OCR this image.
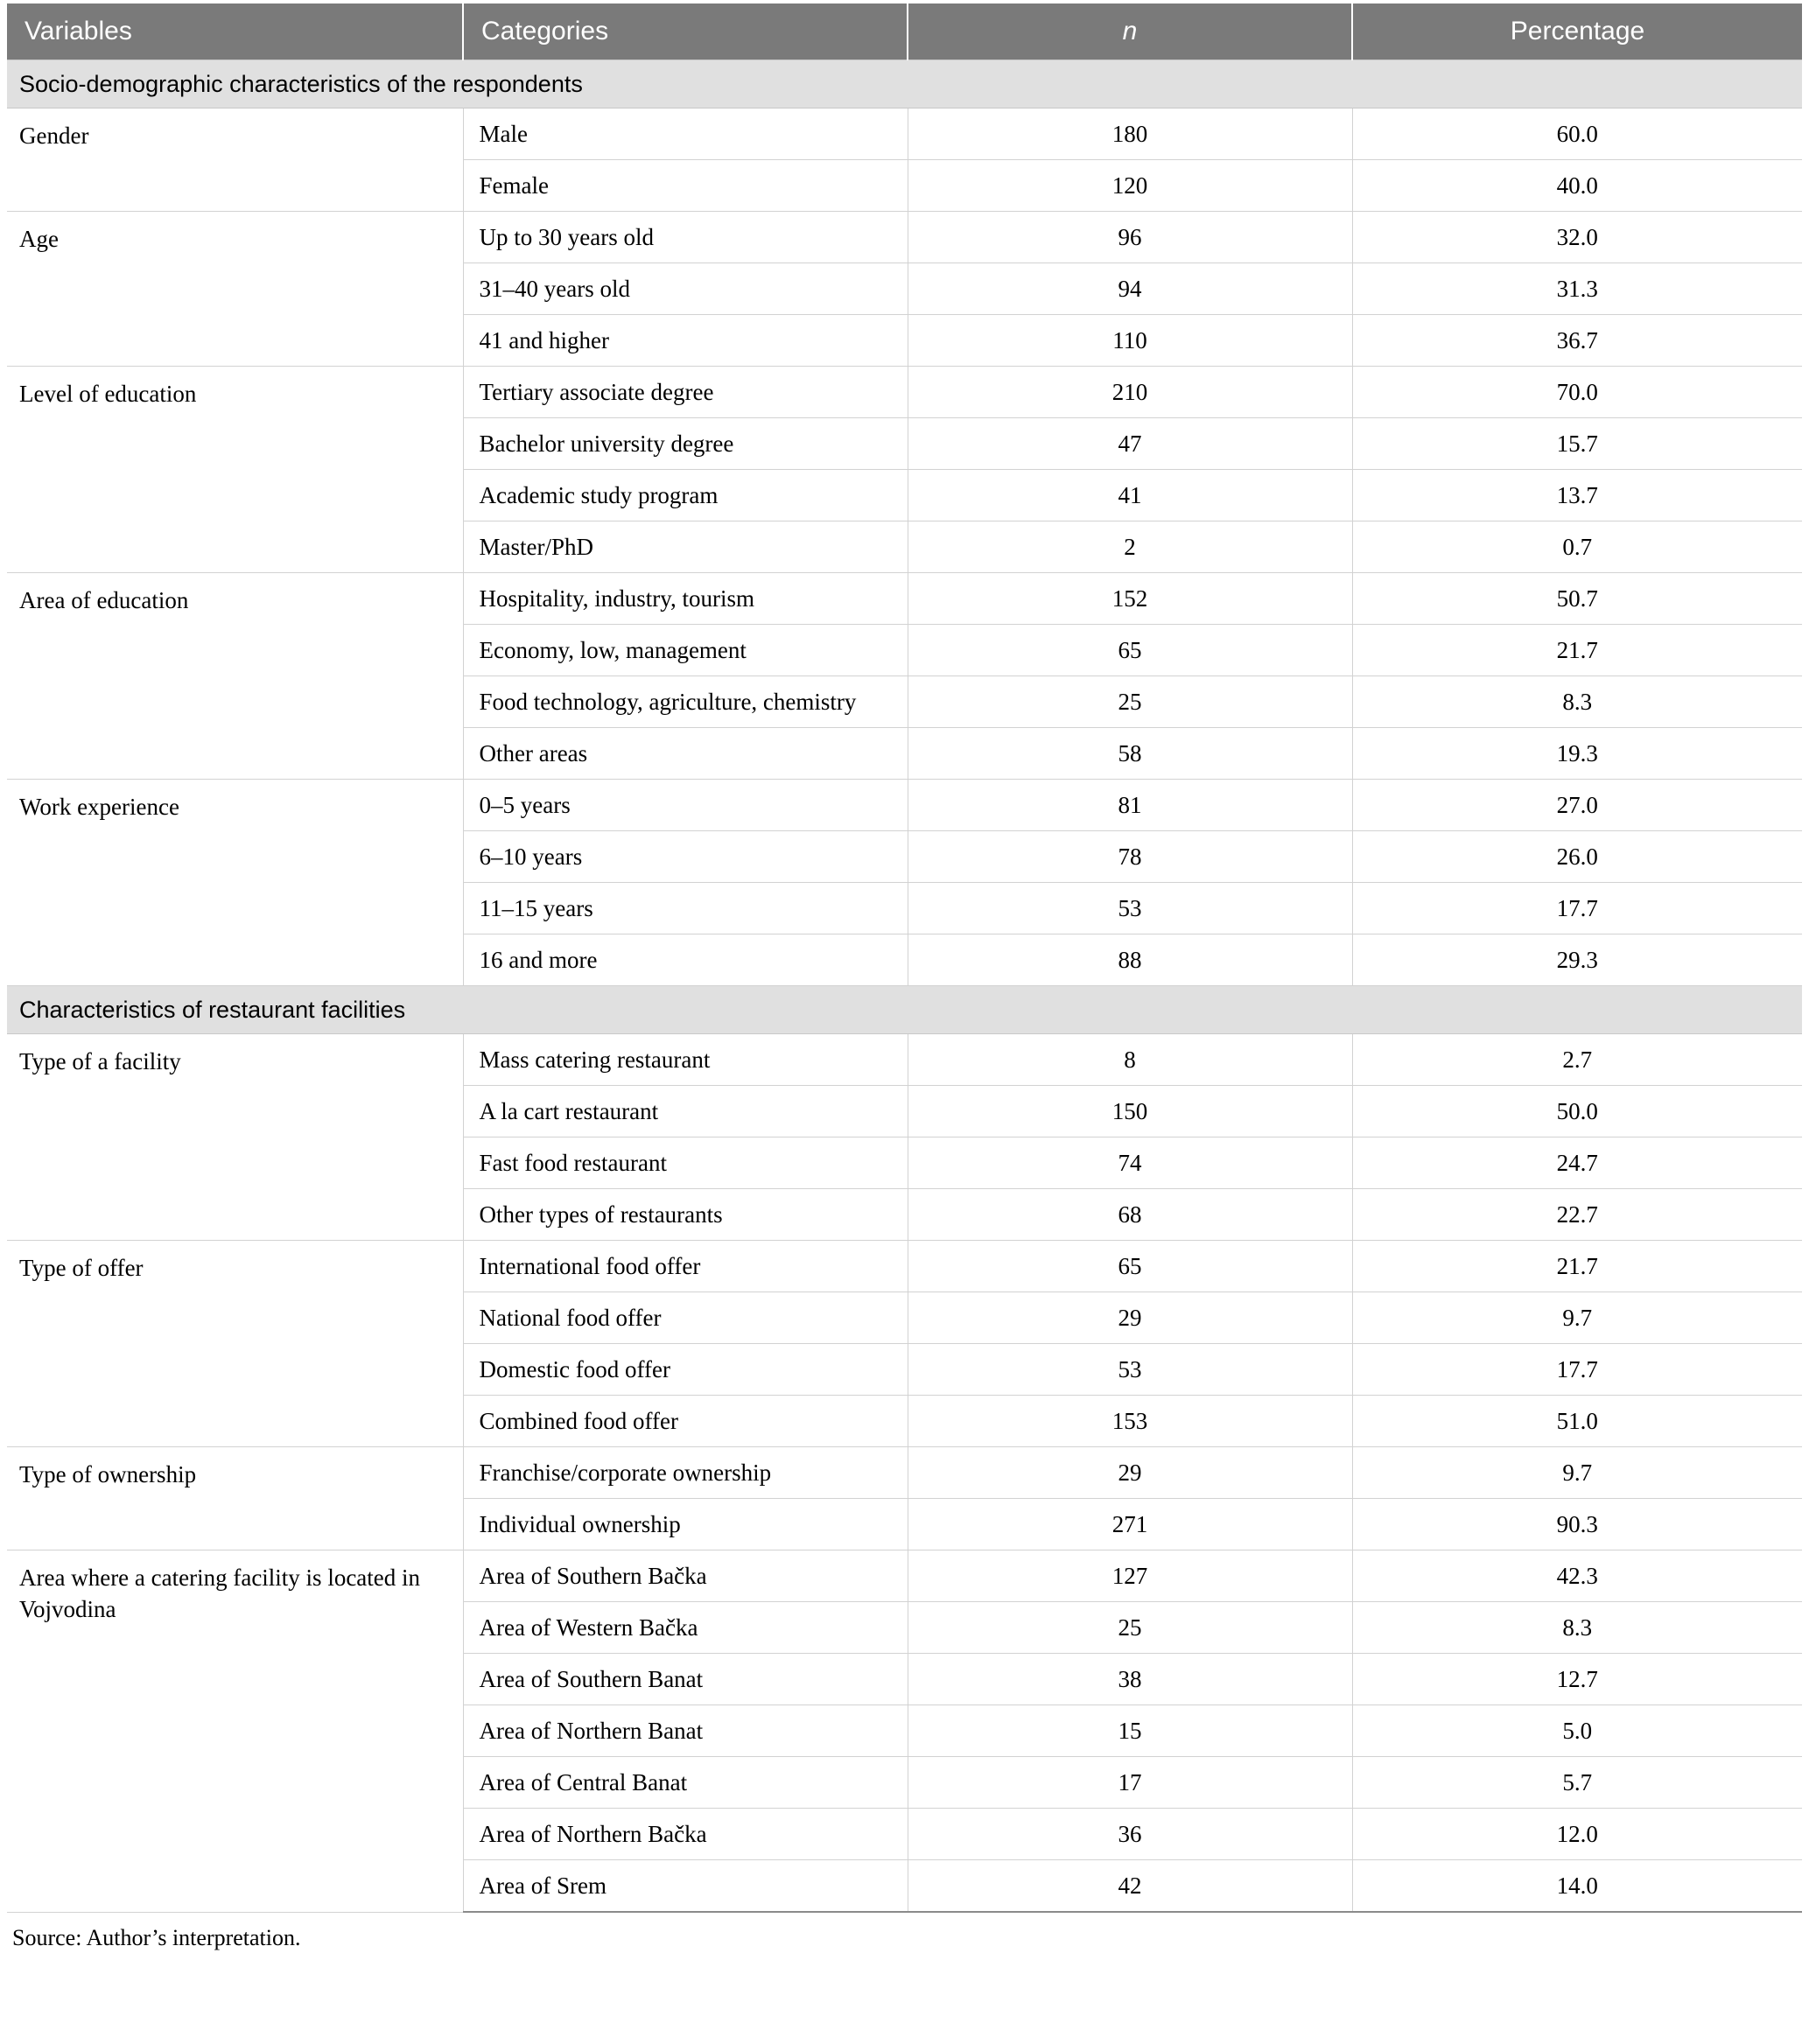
Variables	Categories	n	Percentage
Socio-demographic characteristics of the respondents			
Gender	Male	180	60.0
	Female	120	40.0
Age	Up to 30 years old	96	32.0
	31–40 years old	94	31.3
	41 and higher	110	36.7
Level of education	Tertiary associate degree	210	70.0
	Bachelor university degree	47	15.7
	Academic study program	41	13.7
	Master/PhD	2	0.7
Area of education	Hospitality, industry, tourism	152	50.7
	Economy, low, management	65	21.7
	Food technology, agriculture, chemistry	25	8.3
	Other areas	58	19.3
Work experience	0–5 years	81	27.0
	6–10 years	78	26.0
	11–15 years	53	17.7
	16 and more	88	29.3
Characteristics of restaurant facilities			
Type of a facility	Mass catering restaurant	8	2.7
	A la cart restaurant	150	50.0
	Fast food restaurant	74	24.7
	Other types of restaurants	68	22.7
Type of offer	International food offer	65	21.7
	National food offer	29	9.7
	Domestic food offer	53	17.7
	Combined food offer	153	51.0
Type of ownership	Franchise/corporate ownership	29	9.7
	Individual ownership	271	90.3
Area where a catering facility is located in Vojvodina	Area of Southern Bačka	127	42.3
	Area of Western Bačka	25	8.3
	Area of Southern Banat	38	12.7
	Area of Northern Banat	15	5.0
	Area of Central Banat	17	5.7
	Area of Northern Bačka	36	12.0
	Area of Srem	42	14.0
Source: Author’s interpretation.
